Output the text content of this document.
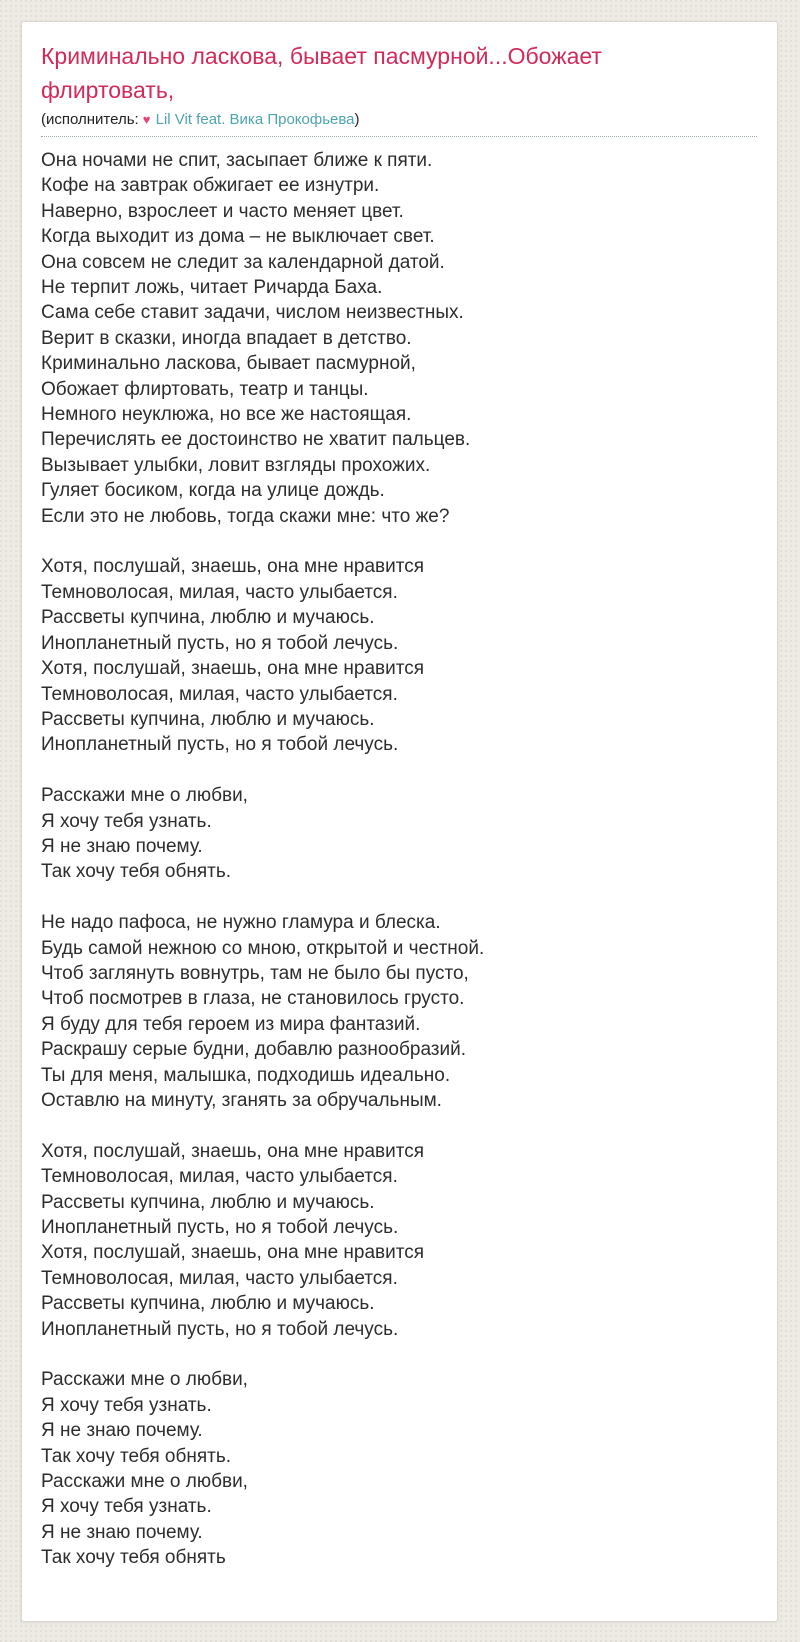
Криминально ласкова, бывает пасмурной...Обожает флиртовать,
(исполнитель: ♥ Lil Vit feat. Вика Прокофьева)
Она ночами не спит, засыпает ближе к пяти.
Кофе на завтрак обжигает ее изнутри.
Наверно, взрослеет и часто меняет цвет.
Когда выходит из дома – не выключает свет.
Она совсем не следит за календарной датой.
Не терпит ложь, читает Ричарда Баха.
Сама себе ставит задачи, числом неизвестных.
Верит в сказки, иногда впадает в детство.
Криминально ласкова, бывает пасмурной,
Обожает флиртовать, театр и танцы.
Немного неуклюжа, но все же настоящая.
Перечислять ее достоинство не хватит пальцев.
Вызывает улыбки, ловит взгляды прохожих.
Гуляет босиком, когда на улице дождь.
Если это не любовь, тогда скажи мне: что же?
Хотя, послушай, знаешь, она мне нравится
Темноволосая, милая, часто улыбается.
Рассветы купчина, люблю и мучаюсь.
Инопланетный пусть, но я тобой лечусь.
Хотя, послушай, знаешь, она мне нравится
Темноволосая, милая, часто улыбается.
Рассветы купчина, люблю и мучаюсь.
Инопланетный пусть, но я тобой лечусь.
Расскажи мне о любви,
Я хочу тебя узнать.
Я не знаю почему.
Так хочу тебя обнять.
Не надо пафоса, не нужно гламура и блеска.
Будь самой нежною со мною, открытой и честной.
Чтоб заглянуть вовнутрь, там не было бы пусто,
Чтоб посмотрев в глаза, не становилось грусто.
Я буду для тебя героем из мира фантазий.
Раскрашу серые будни, добавлю разнообразий.
Ты для меня, малышка, подходишь идеально.
Оставлю на минуту, зганять за обручальным.
Хотя, послушай, знаешь, она мне нравится
Темноволосая, милая, часто улыбается.
Рассветы купчина, люблю и мучаюсь.
Инопланетный пусть, но я тобой лечусь.
Хотя, послушай, знаешь, она мне нравится
Темноволосая, милая, часто улыбается.
Рассветы купчина, люблю и мучаюсь.
Инопланетный пусть, но я тобой лечусь.
Расскажи мне о любви,
Я хочу тебя узнать.
Я не знаю почему.
Так хочу тебя обнять.
Расскажи мне о любви,
Я хочу тебя узнать.
Я не знаю почему.
Так хочу тебя обнять
